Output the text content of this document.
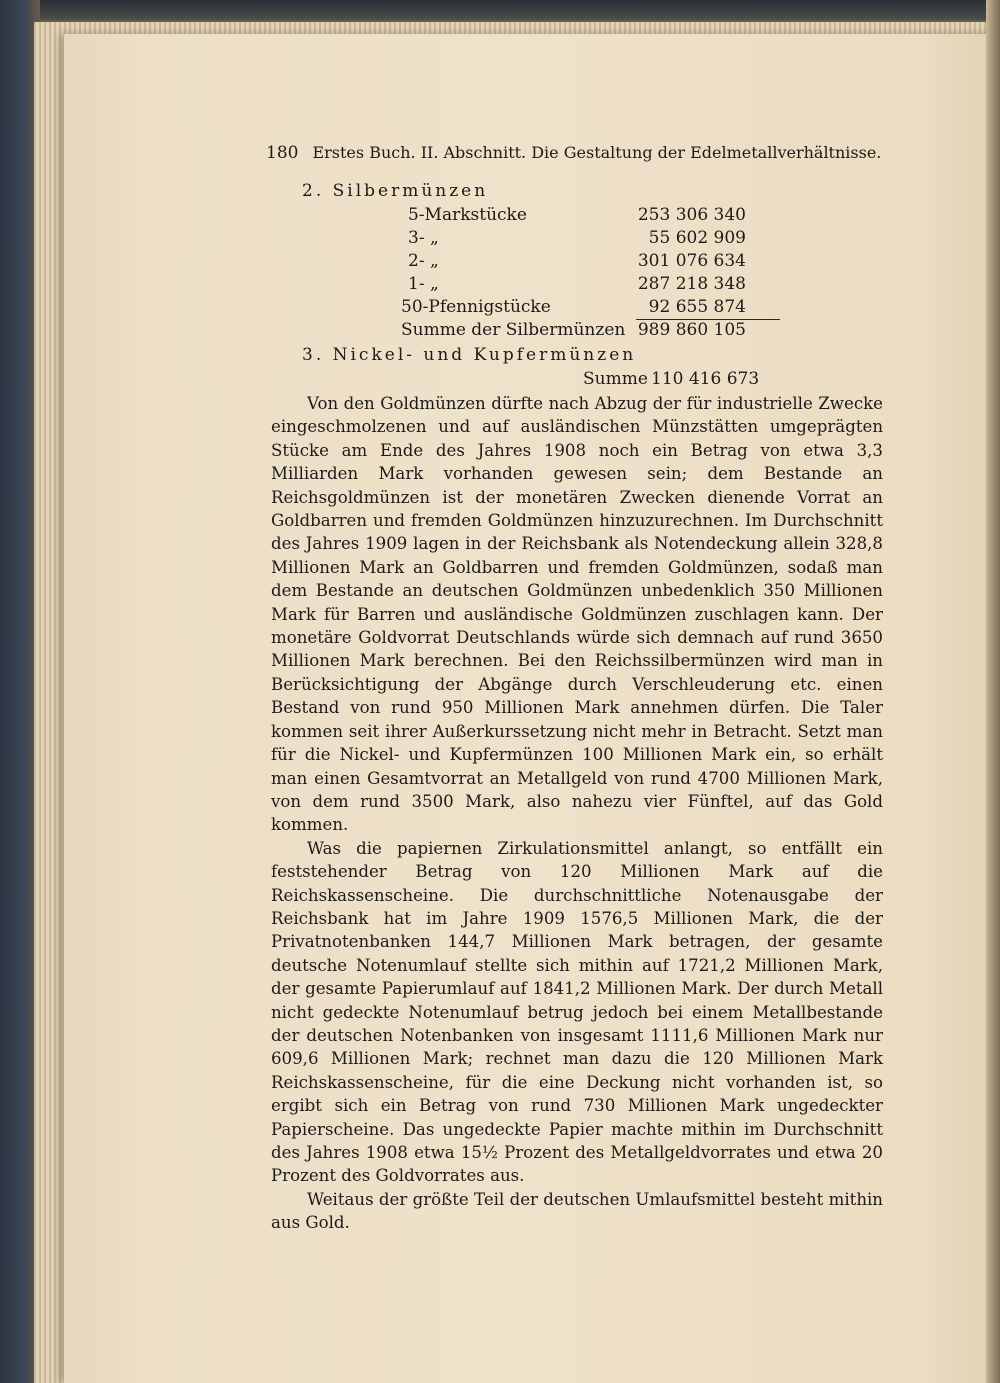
180 Erstes Buch. II. Abschnitt. Die Gestaltung der Edelmetallverhältnisse.
2. Silbermünzen
5-Markstücke	253 306 340
3- „	55 602 909
2- „	301 076 634
1- „	287 218 348
50-Pfennigstücke	92 655 874
Summe der Silbermünzen 989 860 105
3. Nickel- und Kupfermünzen
Summe 110 416 673

Von den Goldmünzen dürfte nach Abzug der für industrielle Zwecke eingeschmolzenen und auf ausländischen Münzstätten umgeprägten Stücke am Ende des Jahres 1908 noch ein Betrag von etwa 3,3 Milliarden Mark vorhanden gewesen sein; dem Bestande an Reichsgoldmünzen ist der monetären Zwecken dienende Vorrat an Goldbarren und fremden Goldmünzen hinzuzurechnen. Im Durchschnitt des Jahres 1909 lagen in der Reichsbank als Notendeckung allein 328,8 Millionen Mark an Goldbarren und fremden Goldmünzen, sodaß man dem Bestande an deutschen Goldmünzen unbedenklich 350 Millionen Mark für Barren und ausländische Goldmünzen zuschlagen kann. Der monetäre Goldvorrat Deutschlands würde sich demnach auf rund 3650 Millionen Mark berechnen. Bei den Reichssilbermünzen wird man in Berücksichtigung der Abgänge durch Verschleuderung etc. einen Bestand von rund 950 Millionen Mark annehmen dürfen. Die Taler kommen seit ihrer Außerkurssetzung nicht mehr in Betracht. Setzt man für die Nickel- und Kupfermünzen 100 Millionen Mark ein, so erhält man einen Gesamtvorrat an Metallgeld von rund 4700 Millionen Mark, von dem rund 3500 Mark, also nahezu vier Fünftel, auf das Gold kommen.

Was die papiernen Zirkulationsmittel anlangt, so entfällt ein feststehender Betrag von 120 Millionen Mark auf die Reichskassenscheine. Die durchschnittliche Notenausgabe der Reichsbank hat im Jahre 1909 1576,5 Millionen Mark, die der Privatnotenbanken 144,7 Millionen Mark betragen, der gesamte deutsche Notenumlauf stellte sich mithin auf 1721,2 Millionen Mark, der gesamte Papierumlauf auf 1841,2 Millionen Mark. Der durch Metall nicht gedeckte Notenumlauf betrug jedoch bei einem Metallbestande der deutschen Notenbanken von insgesamt 1111,6 Millionen Mark nur 609,6 Millionen Mark; rechnet man dazu die 120 Millionen Mark Reichskassenscheine, für die eine Deckung nicht vorhanden ist, so ergibt sich ein Betrag von rund 730 Millionen Mark ungedeckter Papierscheine. Das ungedeckte Papier machte mithin im Durchschnitt des Jahres 1908 etwa 15½ Prozent des Metallgeldvorrates und etwa 20 Prozent des Goldvorrates aus.

Weitaus der größte Teil der deutschen Umlaufsmittel besteht mithin aus Gold.
